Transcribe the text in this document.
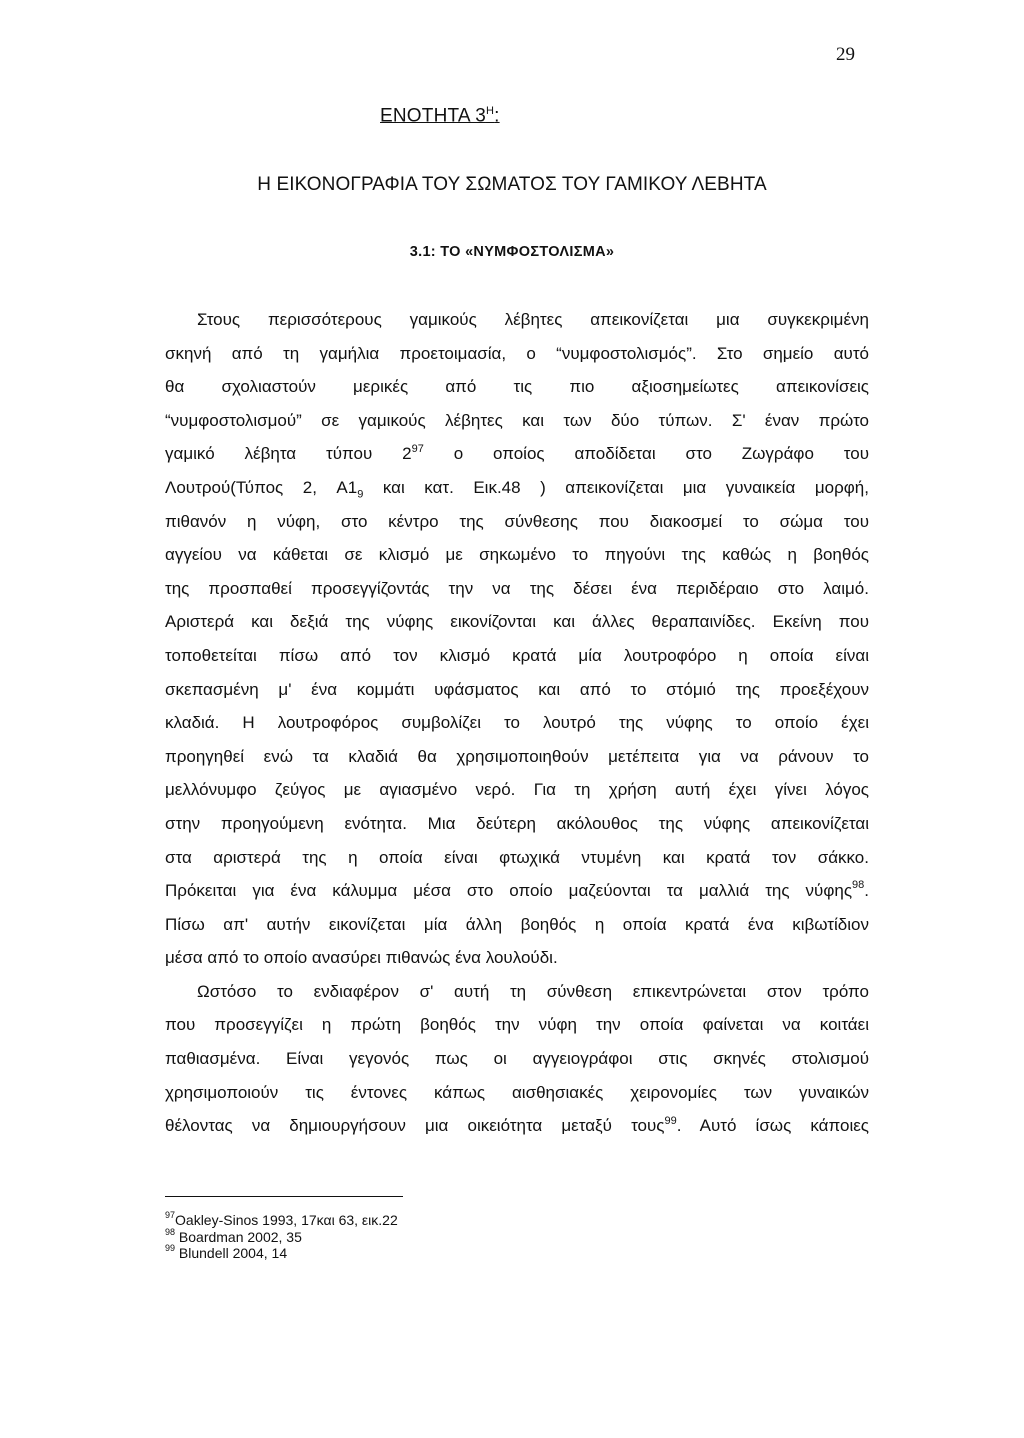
29
ΕΝΟΤΗΤΑ $3^H$:
Η ΕΙΚΟΝΟΓΡΑΦΙΑ ΤΟΥ ΣΩΜΑΤΟΣ ΤΟΥ ΓΑΜΙΚΟΥ ΛΕΒΗΤΑ
3.1: ΤΟ «ΝΥΜΦΟΣΤΟΛΙΣΜΑ»
Στους περισσότερους γαμικούς λέβητες απεικονίζεται μια συγκεκριμένη
σκηνή από τη γαμήλια προετοιμασία, ο “νυμφοστολισμός”. Στο σημείο αυτό
θα σχολιαστούν μερικές από τις πιο αξιοσημείωτες απεικονίσεις
“νυμφοστολισμού” σε γαμικούς λέβητες και των δύο τύπων. Σ' έναν πρώτο
γαμικό λέβητα τύπου 2$^{97}$ ο οποίος αποδίδεται στο Ζωγράφο του
Λουτρού(Τύπος 2, $A1_9$ και κατ. Εικ.48 ) απεικονίζεται μια γυναικεία μορφή,
πιθανόν η νύφη, στο κέντρο της σύνθεσης που διακοσμεί το σώμα του
αγγείου να κάθεται σε κλισμό με σηκωμένο το πηγούνι της καθώς η βοηθός
της προσπαθεί προσεγγίζοντάς την να της δέσει ένα περιδέραιο στο λαιμό.
Αριστερά και δεξιά της νύφης εικονίζονται και άλλες θεραπαινίδες. Εκείνη που
τοποθετείται πίσω από τον κλισμό κρατά μία λουτροφόρο η οποία είναι
σκεπασμένη μ' ένα κομμάτι υφάσματος και από το στόμιό της προεξέχουν
κλαδιά. Η λουτροφόρος συμβολίζει το λουτρό της νύφης το οποίο έχει
προηγηθεί ενώ τα κλαδιά θα χρησιμοποιηθούν μετέπειτα για να ράνουν το
μελλόνυμφο ζεύγος με αγιασμένο νερό. Για τη χρήση αυτή έχει γίνει λόγος
στην προηγούμενη ενότητα. Μια δεύτερη ακόλουθος της νύφης απεικονίζεται
στα αριστερά της η οποία είναι φτωχικά ντυμένη και κρατά τον σάκκο.
Πρόκειται για ένα κάλυμμα μέσα στο οποίο μαζεύονται τα μαλλιά της νύφης$^{98}$.
Πίσω απ' αυτήν εικονίζεται μία άλλη βοηθός η οποία κρατά ένα κιβωτίδιον
μέσα από το οποίο ανασύρει πιθανώς ένα λουλούδι.
Ωστόσο το ενδιαφέρον σ' αυτή τη σύνθεση επικεντρώνεται στον τρόπο
που προσεγγίζει η πρώτη βοηθός την νύφη την οποία φαίνεται να κοιτάει
παθιασμένα. Είναι γεγονός πως οι αγγειογράφοι στις σκηνές στολισμού
χρησιμοποιούν τις έντονες κάπως αισθησιακές χειρονομίες των γυναικών
θέλοντας να δημιουργήσουν μια οικειότητα μεταξύ τους$^{99}$. Αυτό ίσως κάποιες
$^{97}$Oakley-Sinos 1993, 17και 63, εικ.22
$^{98}$ Boardman 2002, 35
$^{99}$ Blundell 2004, 14
